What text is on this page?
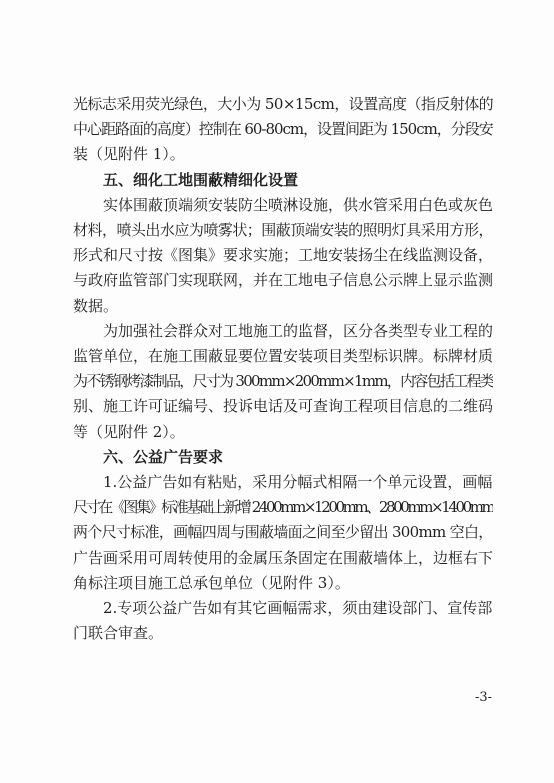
光标志采用荧光绿色，大小为 50×15cm，设置高度（指反射体的
中心距路面的高度）控制在 60-80cm，设置间距为 150cm，分段安
装（见附件 1）。
五、细化工地围蔽精细化设置
实体围蔽顶端须安装防尘喷淋设施，供水管采用白色或灰色
材料，喷头出水应为喷雾状；围蔽顶端安装的照明灯具采用方形，
形式和尺寸按《图集》要求实施；工地安装扬尘在线监测设备，
与政府监管部门实现联网，并在工地电子信息公示牌上显示监测
数据。
为加强社会群众对工地施工的监督，区分各类型专业工程的
监管单位，在施工围蔽显要位置安装项目类型标识牌。标牌材质
为不锈钢烤漆制品，尺寸为 300mm×200mm×1mm，内容包括工程类
别、施工许可证编号、投诉电话及可查询工程项目信息的二维码
等（见附件 2）。
六、公益广告要求
1.公益广告如有粘贴，采用分幅式相隔一个单元设置，画幅
尺寸在《图集》标准基础上新增 2400mm×1200mm、2800mm×1400mm
两个尺寸标准，画幅四周与围蔽墙面之间至少留出 300mm 空白，
广告画采用可周转使用的金属压条固定在围蔽墙体上，边框右下
角标注项目施工总承包单位（见附件 3）。
2.专项公益广告如有其它画幅需求，须由建设部门、宣传部
门联合审查。
-3-
